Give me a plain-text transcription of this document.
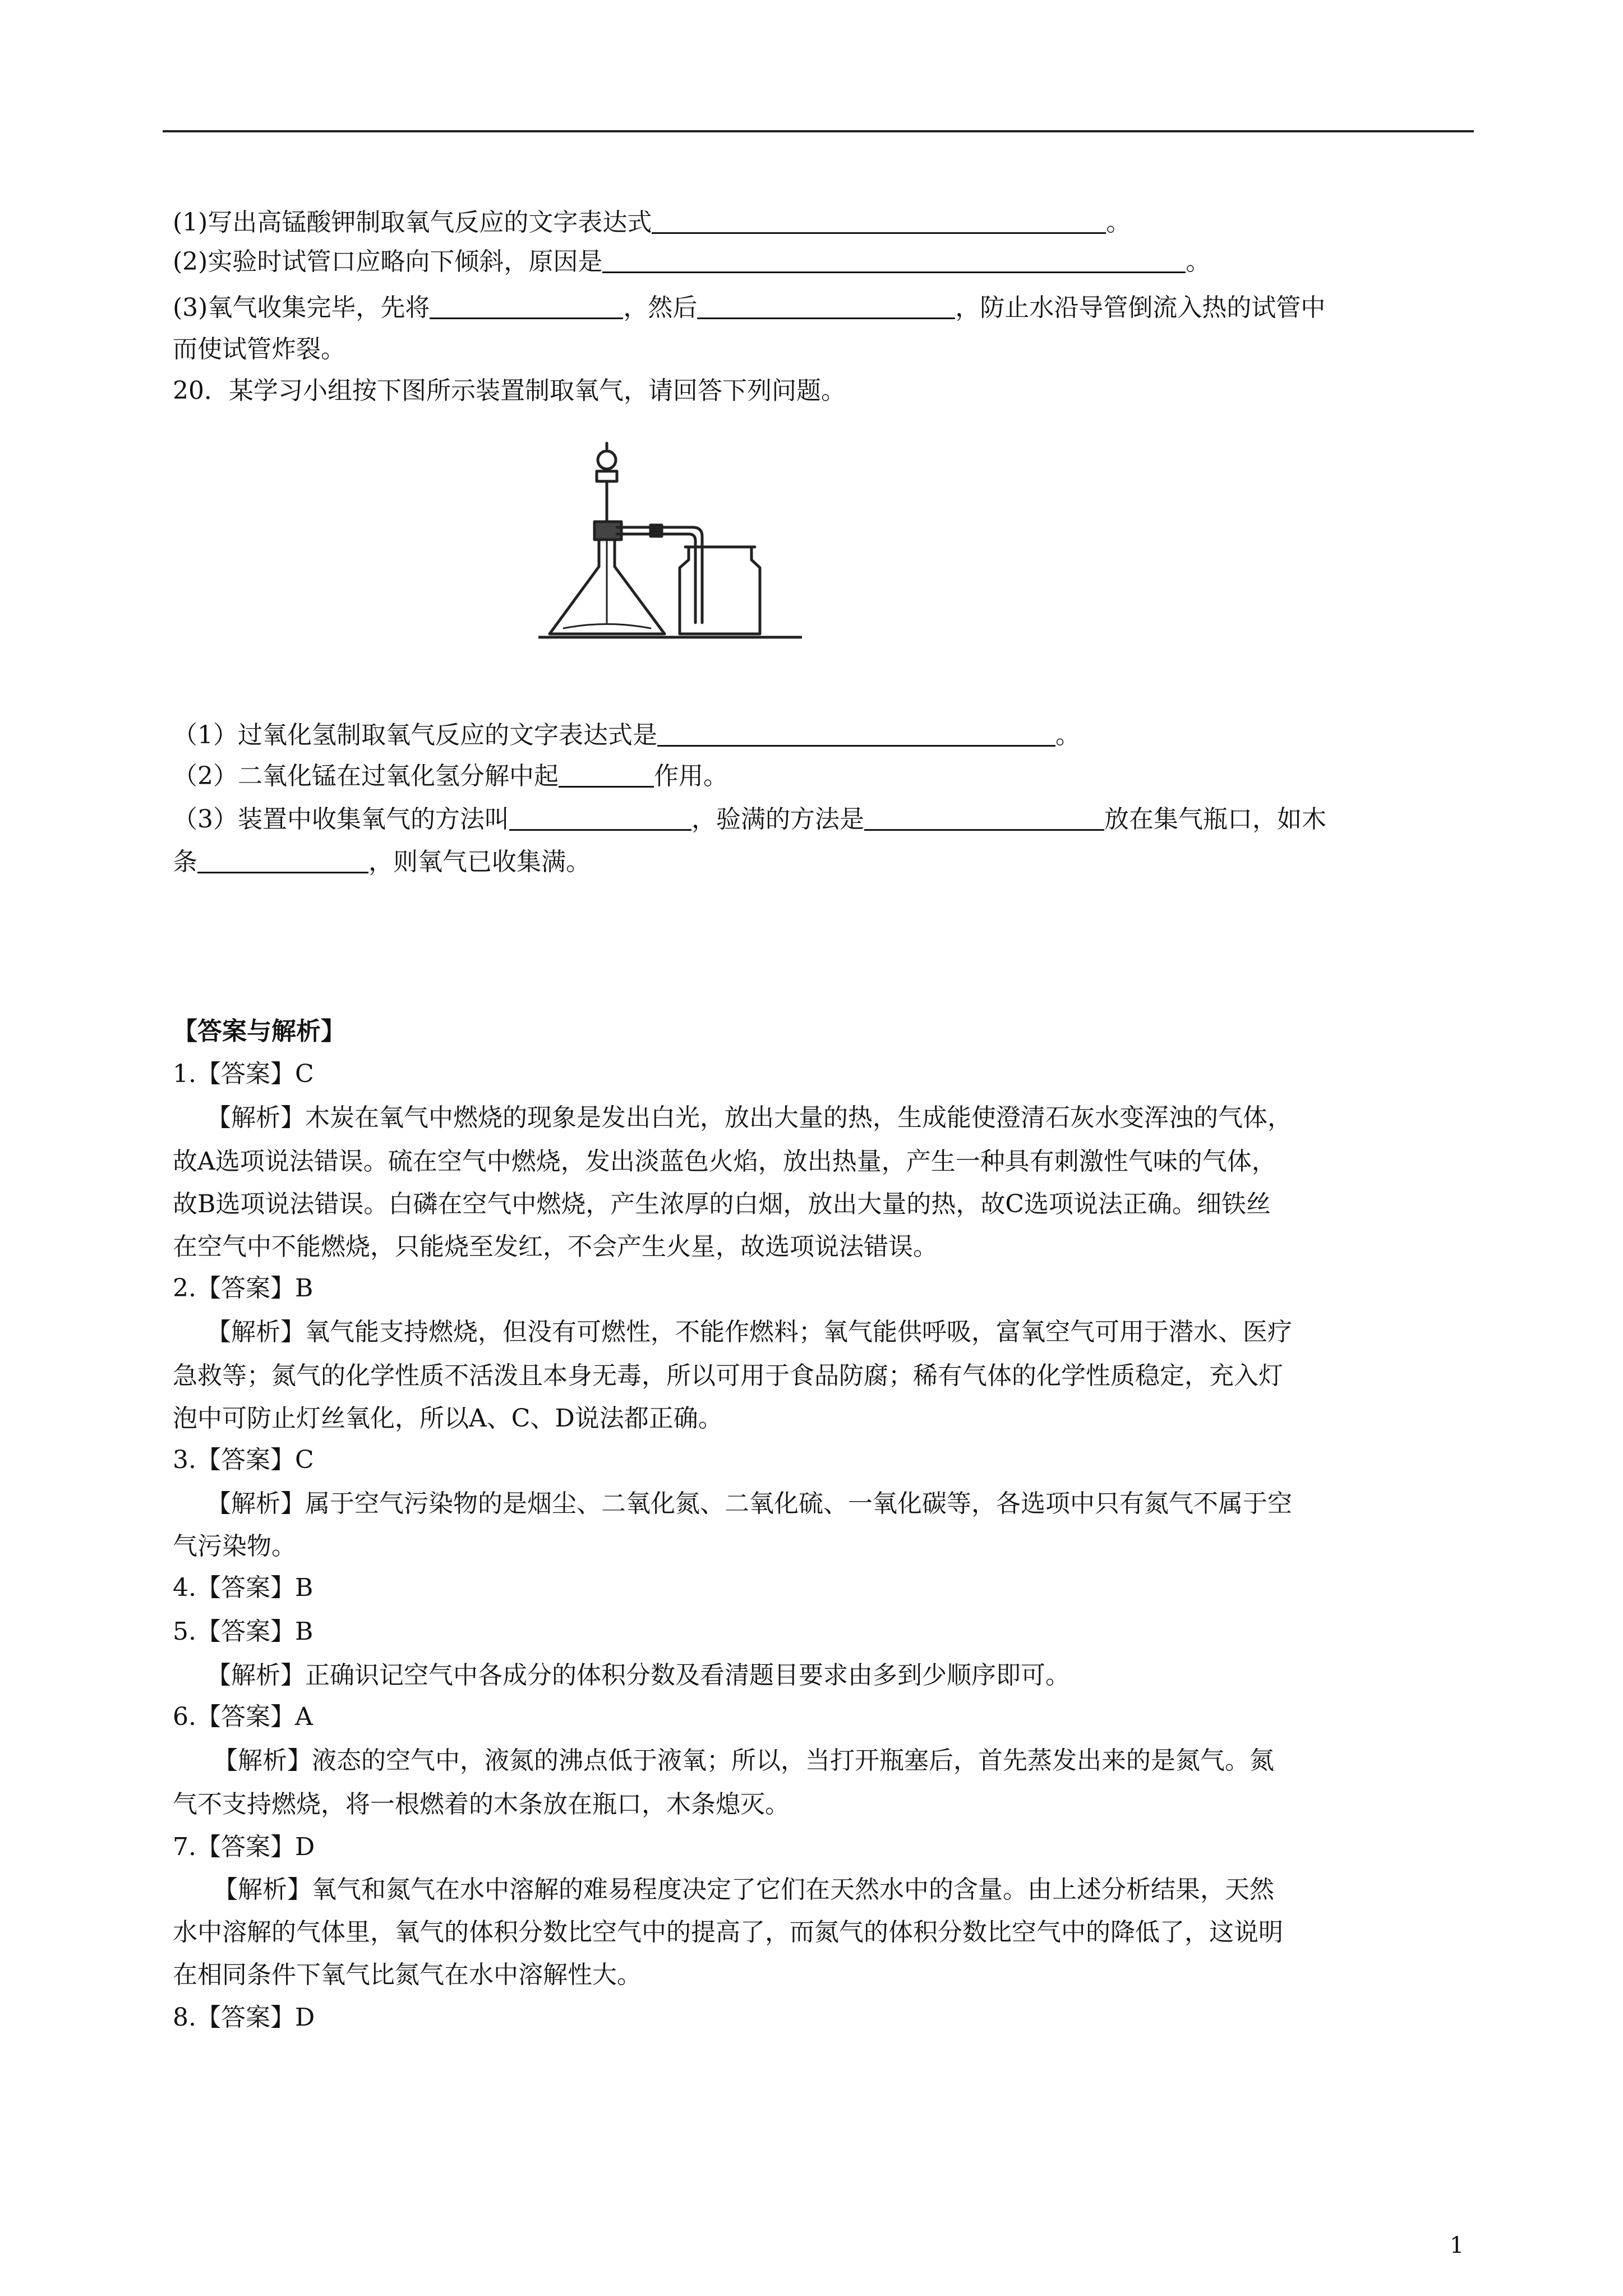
(1)写出高锰酸钾制取氧气反应的文字表达式	。
(2)实验时试管口应略向下倾斜，原因是	。
(3)氧气收集完毕，先将	，然后	，防止水沿导管倒流入热的试管中
而使试管炸裂。
20．某学习小组按下图所示装置制取氧气，请回答下列问题。
（1）过氧化氢制取氧气反应的文字表达式是	。
（2）二氧化锰在过氧化氢分解中起	作用。
（3）装置中收集氧气的方法叫	，验满的方法是	放在集气瓶口，如木
条	，则氧气已收集满。
【答案与解析】
1.【答案】C
【解析】木炭在氧气中燃烧的现象是发出白光，放出大量的热，生成能使澄清石灰水变浑浊的气体，
故A选项说法错误。硫在空气中燃烧，发出淡蓝色火焰，放出热量，产生一种具有刺激性气味的气体，
故B选项说法错误。白磷在空气中燃烧，产生浓厚的白烟，放出大量的热，故C选项说法正确。细铁丝
在空气中不能燃烧，只能烧至发红，不会产生火星，故选项说法错误。
2.【答案】B
【解析】氧气能支持燃烧，但没有可燃性，不能作燃料；氧气能供呼吸，富氧空气可用于潜水、医疗
急救等；氮气的化学性质不活泼且本身无毒，所以可用于食品防腐；稀有气体的化学性质稳定，充入灯
泡中可防止灯丝氧化，所以A、C、D说法都正确。
3.【答案】C
【解析】属于空气污染物的是烟尘、二氧化氮、二氧化硫、一氧化碳等，各选项中只有氮气不属于空
气污染物。
4.【答案】B
5.【答案】B
【解析】正确识记空气中各成分的体积分数及看清题目要求由多到少顺序即可。
6.【答案】A
【解析】液态的空气中，液氮的沸点低于液氧；所以，当打开瓶塞后，首先蒸发出来的是氮气。氮
气不支持燃烧，将一根燃着的木条放在瓶口，木条熄灭。
7.【答案】D
【解析】氧气和氮气在水中溶解的难易程度决定了它们在天然水中的含量。由上述分析结果，天然
水中溶解的气体里，氧气的体积分数比空气中的提高了，而氮气的体积分数比空气中的降低了，这说明
在相同条件下氧气比氮气在水中溶解性大。
8.【答案】D
1
